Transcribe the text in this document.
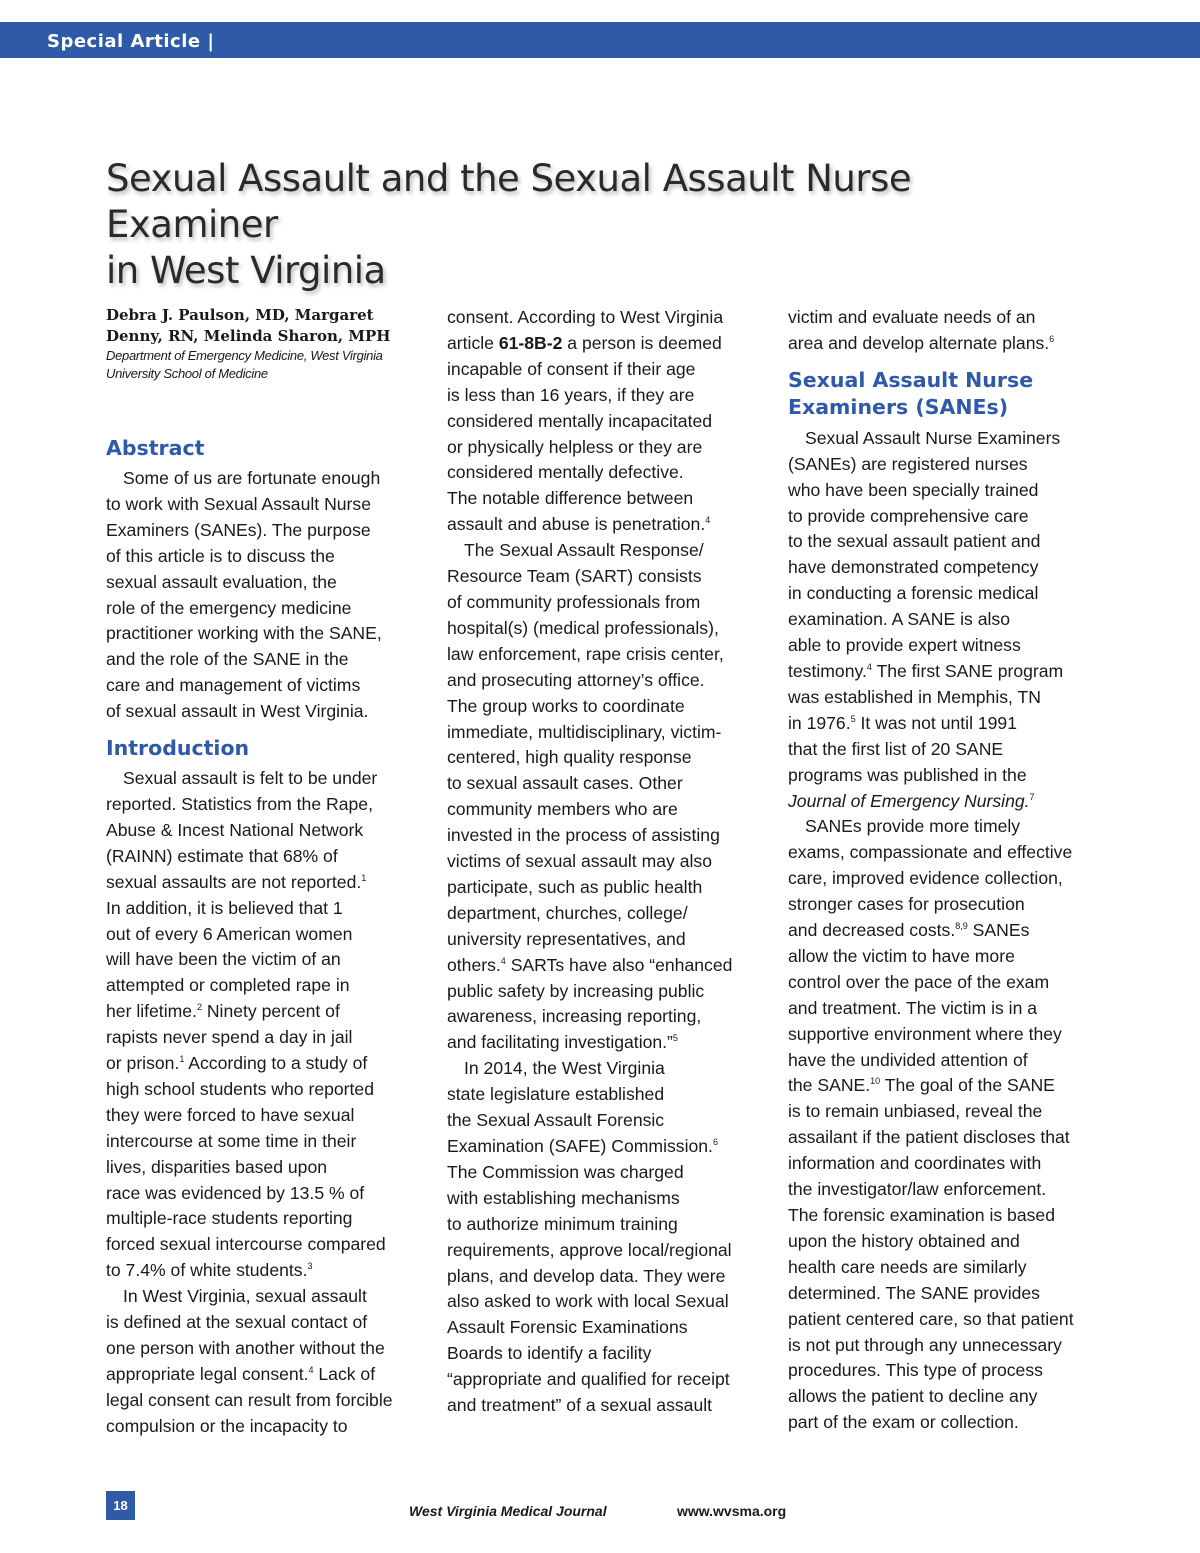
Special Article |
Sexual Assault and the Sexual Assault Nurse Examiner
in West Virginia

Debra J. Paulson, MD, Margaret
Denny, RN, Melinda Sharon, MPH

Department of Emergency Medicine, West Virginia
University School of Medicine

Abstract

Some of us are fortunate enough
to work with Sexual Assault Nurse
Examiners (SANEs). The purpose
of this article is to discuss the
sexual assault evaluation, the
role of the emergency medicine
practitioner working with the SANE,
and the role of the SANE in the
care and management of victims
of sexual assault in West Virginia.

Introduction

Sexual assault is felt to be under
reported. Statistics from the Rape,
Abuse & Incest National Network
(RAINN) estimate that 68% of
sexual assaults are not reported.$^1$
In addition, it is believed that 1
out of every 6 American women
will have been the victim of an
attempted or completed rape in
her lifetime.$^2$ Ninety percent of
rapists never spend a day in jail
or prison.$^1$ According to a study of
high school students who reported
they were forced to have sexual
intercourse at some time in their
lives, disparities based upon
race was evidenced by 13.5 % of
multiple-race students reporting
forced sexual intercourse compared
to 7.4% of white students.$^3$

In West Virginia, sexual assault
is defined at the sexual contact of
one person with another without the
appropriate legal consent.$^4$ Lack of
legal consent can result from forcible
compulsion or the incapacity to

consent. According to West Virginia
article 61-8B-2 a person is deemed
incapable of consent if their age
is less than 16 years, if they are
considered mentally incapacitated
or physically helpless or they are
considered mentally defective.
The notable difference between
assault and abuse is penetration.$^4$

The Sexual Assault Response/
Resource Team (SART) consists
of community professionals from
hospital(s) (medical professionals),
law enforcement, rape crisis center,
and prosecuting attorney’s office.
The group works to coordinate
immediate, multidisciplinary, victim-
centered, high quality response
to sexual assault cases. Other
community members who are
invested in the process of assisting
victims of sexual assault may also
participate, such as public health
department, churches, college/
university representatives, and
others.$^4$ SARTs have also “enhanced
public safety by increasing public
awareness, increasing reporting,
and facilitating investigation.”$^5$

In 2014, the West Virginia
state legislature established
the Sexual Assault Forensic
Examination (SAFE) Commission.$^6$
The Commission was charged
with establishing mechanisms
to authorize minimum training
requirements, approve local/regional
plans, and develop data. They were
also asked to work with local Sexual
Assault Forensic Examinations
Boards to identify a facility
“appropriate and qualified for receipt
and treatment” of a sexual assault

victim and evaluate needs of an
area and develop alternate plans.$^6$

Sexual Assault Nurse
Examiners (SANEs)

Sexual Assault Nurse Examiners
(SANEs) are registered nurses
who have been specially trained
to provide comprehensive care
to the sexual assault patient and
have demonstrated competency
in conducting a forensic medical
examination. A SANE is also
able to provide expert witness
testimony.$^4$ The first SANE program
was established in Memphis, TN
in 1976.$^5$ It was not until 1991
that the first list of 20 SANE
programs was published in the
Journal of Emergency Nursing.$^7$

SANEs provide more timely
exams, compassionate and effective
care, improved evidence collection,
stronger cases for prosecution
and decreased costs.$^{8,9}$ SANEs
allow the victim to have more
control over the pace of the exam
and treatment. The victim is in a
supportive environment where they
have the undivided attention of
the SANE.$^{10}$ The goal of the SANE
is to remain unbiased, reveal the
assailant if the patient discloses that
information and coordinates with
the investigator/law enforcement.
The forensic examination is based
upon the history obtained and
health care needs are similarly
determined. The SANE provides
patient centered care, so that patient
is not put through any unnecessary
procedures. This type of process
allows the patient to decline any
part of the exam or collection.

18	West Virginia Medical Journal	www.wvsma.org
